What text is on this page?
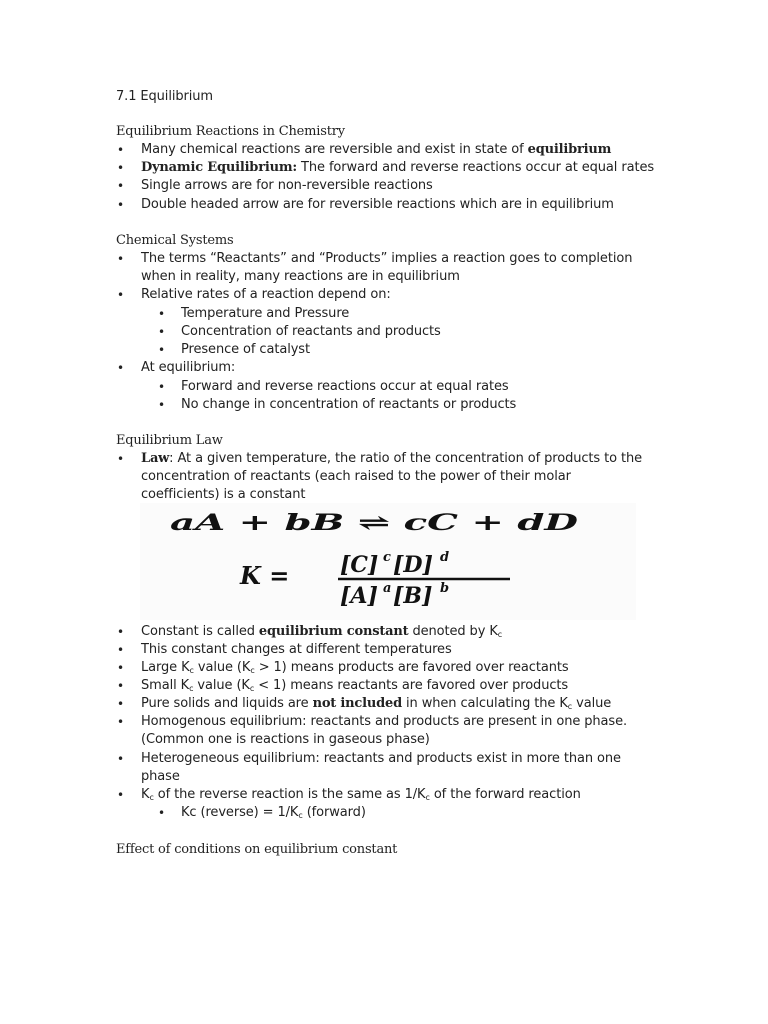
7.1 Equilibrium
Equilibrium Reactions in Chemistry
• Many chemical reactions are reversible and exist in state of equilibrium
• Dynamic Equilibrium: The forward and reverse reactions occur at equal rates
• Single arrows are for non-reversible reactions
• Double headed arrow are for reversible reactions which are in equilibrium
Chemical Systems
• The terms “Reactants” and “Products” implies a reaction goes to completion
when in reality, many reactions are in equilibrium
• Relative rates of a reaction depend on:
• Temperature and Pressure
• Concentration of reactants and products
• Presence of catalyst
• At equilibrium:
• Forward and reverse reactions occur at equal rates
• No change in concentration of reactants or products
Equilibrium Law
• Law: At a given temperature, the ratio of the concentration of products to the
concentration of reactants (each raised to the power of their molar
coefficients) is a constant
aA + bB ⇌ cC + dD
K = [C] c [D] d
[A] a [B] b
• Constant is called equilibrium constant denoted by $K_c$
• This constant changes at different temperatures
• Large $K_c$ value $(K_c > 1)$ means products are favored over reactants
• Small $K_c$ value $(K_c < 1)$ means reactants are favored over products
• Pure solids and liquids are not included in when calculating the $K_c$ value
• Homogenous equilibrium: reactants and products are present in one phase.
(Common one is reactions in gaseous phase)
• Heterogeneous equilibrium: reactants and products exist in more than one
phase
• $K_c$ of the reverse reaction is the same as $1/K_c$ of the forward reaction
• Kc (reverse) = $1/K_c$ (forward)
Effect of conditions on equilibrium constant
